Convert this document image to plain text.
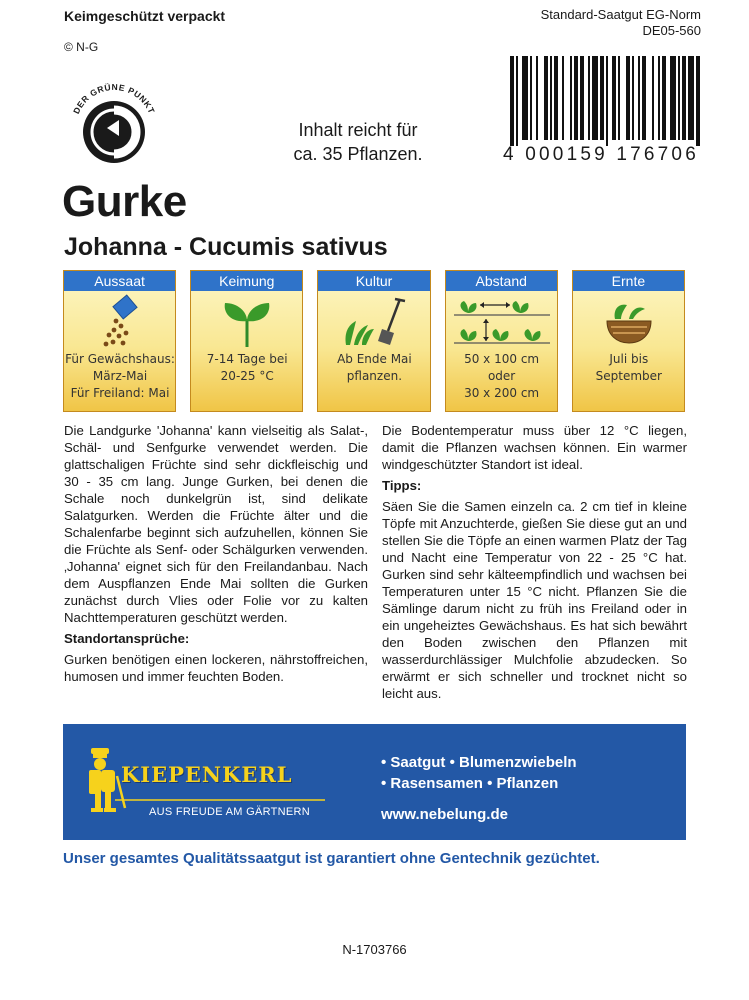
Keimgeschützt verpackt
© N-G
Standard-Saatgut EG-Norm
DE05-560
DER GRÜNE PUNKT
Inhalt reicht für
ca. 35 Pflanzen.	4 000159 176706
Gurke
Johanna - Cucumis sativus
Aussaat
Für Gewächshaus:
März-Mai
Für Freiland: Mai
Keimung
7-14 Tage bei
20-25 °C
Kultur
Ab Ende Mai
pflanzen.
Abstand
50 x 100 cm
oder
30 x 200 cm
Ernte
Juli bis
September

Die Landgurke 'Johanna' kann vielseitig als Salat-, Schäl- und Senfgurke verwendet werden. Die glattschaligen Früchte sind sehr dickfleischig und 30 - 35 cm lang. Junge Gurken, bei denen die Schale noch dunkelgrün ist, sind delikate Salatgurken. Werden die Früchte älter und die Schalenfarbe beginnt sich aufzuhellen, können Sie die Früchte als Senf- oder Schälgurken verwenden. ‚Johanna' eignet sich für den Freilandanbau. Nach dem Auspflanzen Ende Mai sollten die Gurken zunächst durch Vlies oder Folie vor zu kalten Nachttemperaturen geschützt werden.

Standortansprüche:

Gurken benötigen einen lockeren, nährstoffreichen, humosen und immer feuchten Boden.

Die Bodentemperatur muss über 12 °C liegen, damit die Pflanzen wachsen können. Ein warmer windgeschützter Standort ist ideal.

Tipps:

Säen Sie die Samen einzeln ca. 2 cm tief in kleine Töpfe mit Anzuchterde, gießen Sie diese gut an und stellen Sie die Töpfe an einen warmen Platz der Tag und Nacht eine Temperatur von 22 - 25 °C hat. Gurken sind sehr kälteempfindlich und wachsen bei Temperaturen unter 15 °C nicht. Pflanzen Sie die Sämlinge darum nicht zu früh ins Freiland oder in ein ungeheiztes Gewächshaus. Es hat sich bewährt den Boden zwischen den Pflanzen mit wasserdurchlässiger Mulchfolie abzudecken. So erwärmt er sich schneller und trocknet nicht so leicht aus.

KIEPENKERL
AUS FREUDE AM GÄRTNERN
• Saatgut • Blumenzwiebeln
• Rasensamen • Pflanzen
www.nebelung.de
Unser gesamtes Qualitätssaatgut ist garantiert ohne Gentechnik gezüchtet.
N-1703766
